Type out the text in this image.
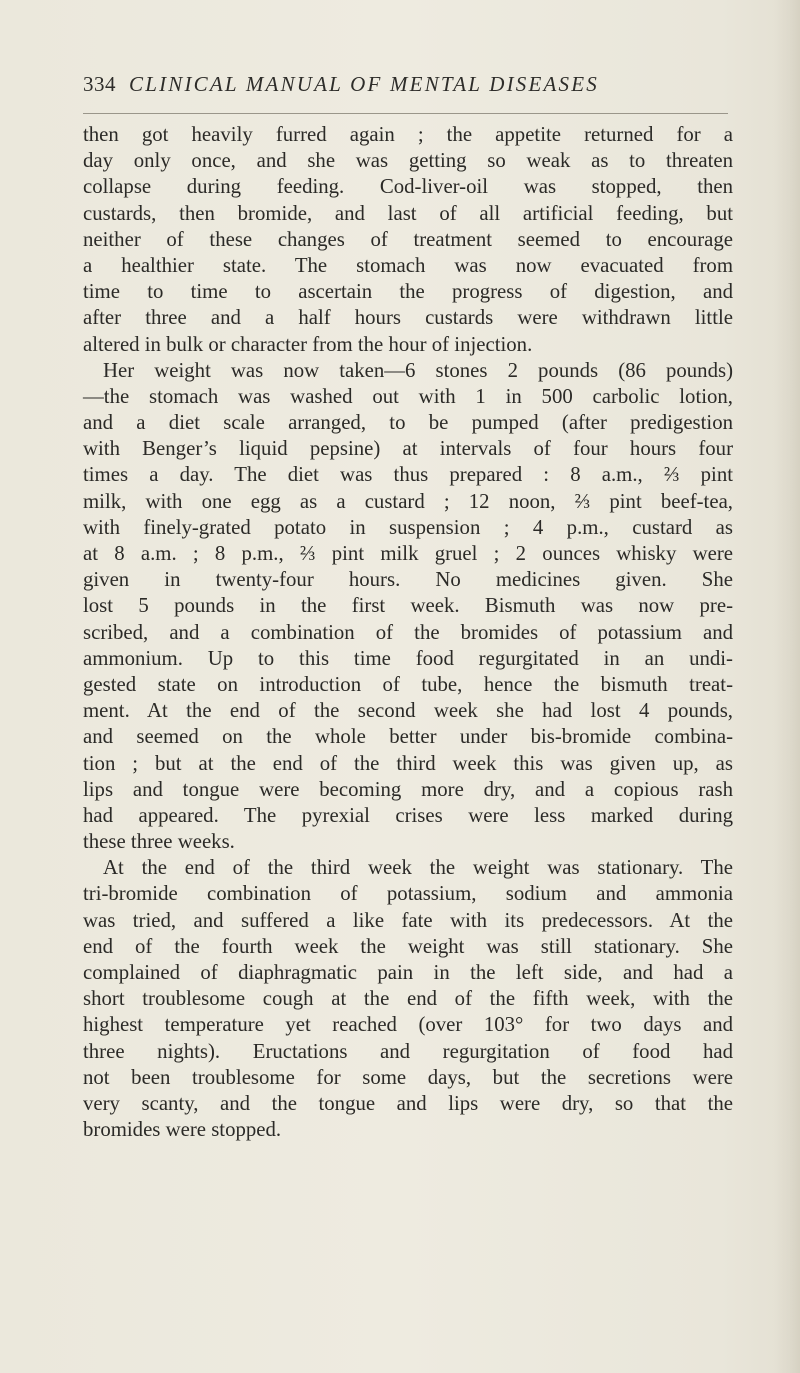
334 CLINICAL MANUAL OF MENTAL DISEASES
then got heavily furred again ; the appetite returned for a
day only once, and she was getting so weak as to threaten
collapse during feeding. Cod-liver-oil was stopped, then
custards, then bromide, and last of all artificial feeding, but
neither of these changes of treatment seemed to encourage
a healthier state. The stomach was now evacuated from
time to time to ascertain the progress of digestion, and
after three and a half hours custards were withdrawn little
altered in bulk or character from the hour of injection.
Her weight was now taken—6 stones 2 pounds (86 pounds)
—the stomach was washed out with 1 in 500 carbolic lotion,
and a diet scale arranged, to be pumped (after predigestion
with Benger’s liquid pepsine) at intervals of four hours four
times a day. The diet was thus prepared : 8 a.m., ⅔ pint
milk, with one egg as a custard ; 12 noon, ⅔ pint beef-tea,
with finely-grated potato in suspension ; 4 p.m., custard as
at 8 a.m. ; 8 p.m., ⅔ pint milk gruel ; 2 ounces whisky were
given in twenty-four hours. No medicines given. She
lost 5 pounds in the first week. Bismuth was now pre-
scribed, and a combination of the bromides of potassium and
ammonium. Up to this time food regurgitated in an undi-
gested state on introduction of tube, hence the bismuth treat-
ment. At the end of the second week she had lost 4 pounds,
and seemed on the whole better under bis-bromide combina-
tion ; but at the end of the third week this was given up, as
lips and tongue were becoming more dry, and a copious rash
had appeared. The pyrexial crises were less marked during
these three weeks.
At the end of the third week the weight was stationary. The
tri-bromide combination of potassium, sodium and ammonia
was tried, and suffered a like fate with its predecessors. At the
end of the fourth week the weight was still stationary. She
complained of diaphragmatic pain in the left side, and had a
short troublesome cough at the end of the fifth week, with the
highest temperature yet reached (over 103° for two days and
three nights). Eructations and regurgitation of food had
not been troublesome for some days, but the secretions were
very scanty, and the tongue and lips were dry, so that the
bromides were stopped.
